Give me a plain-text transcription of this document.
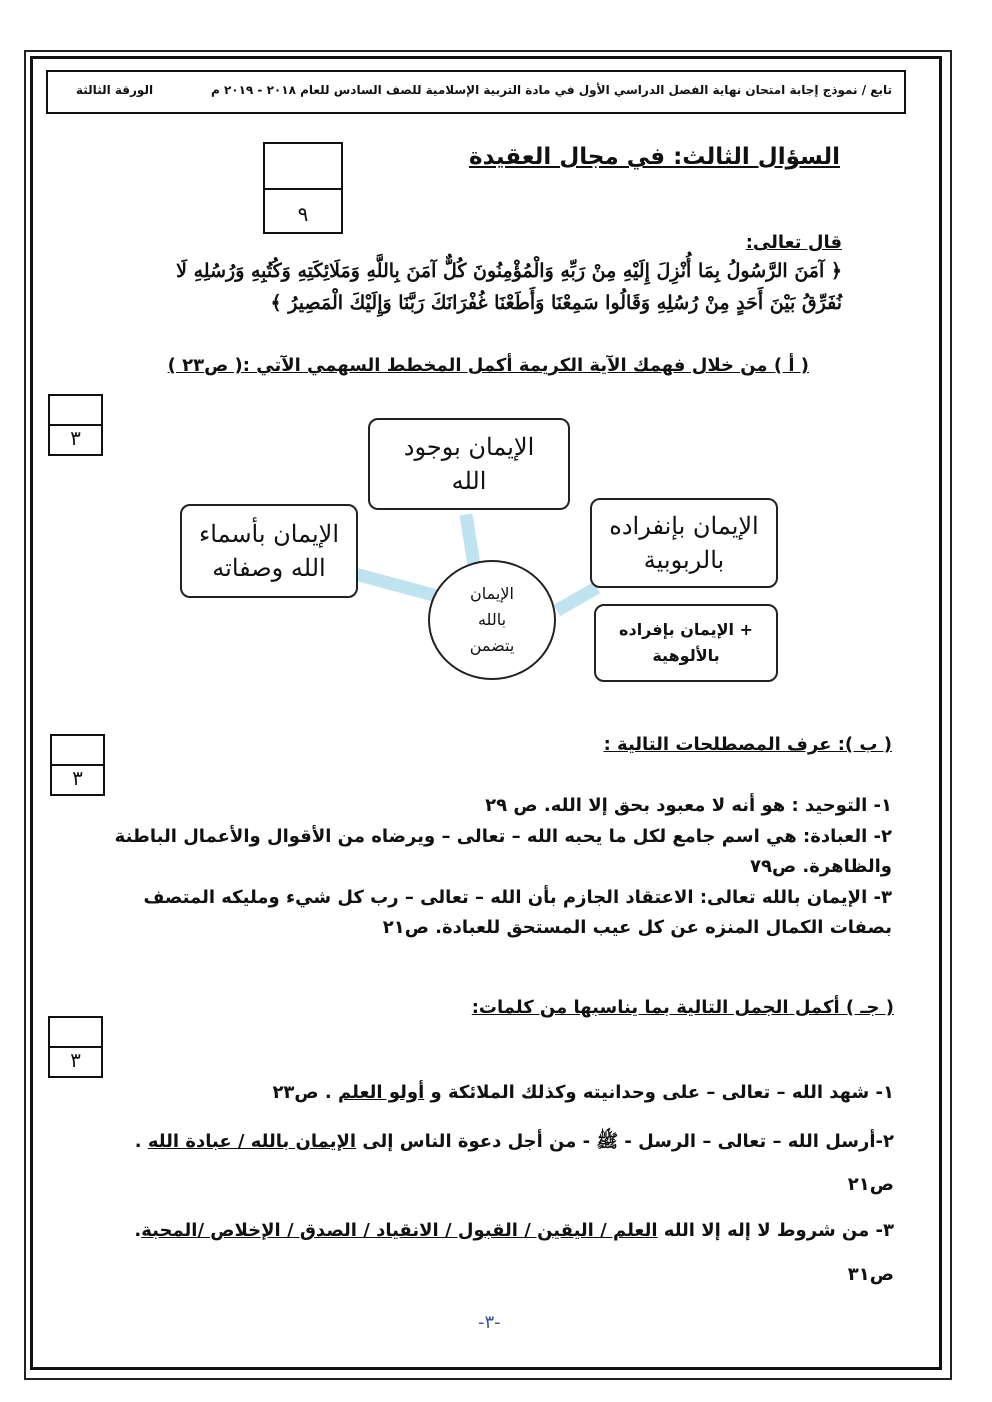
تابع / نموذج إجابة امتحان نهاية الفصل الدراسي الأول في مادة التربية الإسلامية للصف السادس للعام ٢٠١٨ - ٢٠١٩ م
الورقة الثالثة
٩
السؤال الثالث: في مجال العقيدة
قال تعالى:
﴿ آمَنَ الرَّسُولُ بِمَا أُنْزِلَ إِلَيْهِ مِنْ رَبِّهِ وَالْمُؤْمِنُونَ كُلٌّ آمَنَ بِاللَّهِ وَمَلَائِكَتِهِ وَكُتُبِهِ وَرُسُلِهِ لَا
نُفَرِّقُ بَيْنَ أَحَدٍ مِنْ رُسُلِهِ وَقَالُوا سَمِعْنَا وَأَطَعْنَا غُفْرَانَكَ رَبَّنَا وَإِلَيْكَ الْمَصِيرُ ﴾
( أ ) من خلال فهمك الآية الكريمة أكمل المخطط السهمي الآتي :( ص٢٣ )
٣	الإيمان بوجود
الله
الإيمان بإنفراده
بالربوبية
الإيمان بأسماء
الله وصفاته
+ الإيمان بإفراده
بالألوهية
الإيمان بالله يتضمن
٣
( ب ): عرف المصطلحات التالية :
١- التوحيد : هو أنه لا معبود بحق إلا الله. ص ٢٩
٢- العبادة: هي اسم جامع لكل ما يحبه الله – تعالى – ويرضاه من الأقوال والأعمال الباطنة
والظاهرة. ص٧٩
٣- الإيمان بالله تعالى: الاعتقاد الجازم بأن الله – تعالى – رب كل شيء ومليكه المتصف
بصفات الكمال المنزه عن كل عيب المستحق للعبادة. ص٢١
( جـ ) أكمل الجمل التالية بما يناسبها من كلمات:
٣
١- شهد الله – تعالى – على وحدانيته وكذلك الملائكة و أولو العلم . ص٢٣
٢-أرسل الله – تعالى – الرسل - ﷺ - من أجل دعوة الناس إلى الإيمان بالله / عبادة الله .
ص٢١
٣- من شروط لا إله إلا الله العلم / اليقين / القبول / الانقياد / الصدق / الإخلاص /المحبة.
ص٣١
-٣-
